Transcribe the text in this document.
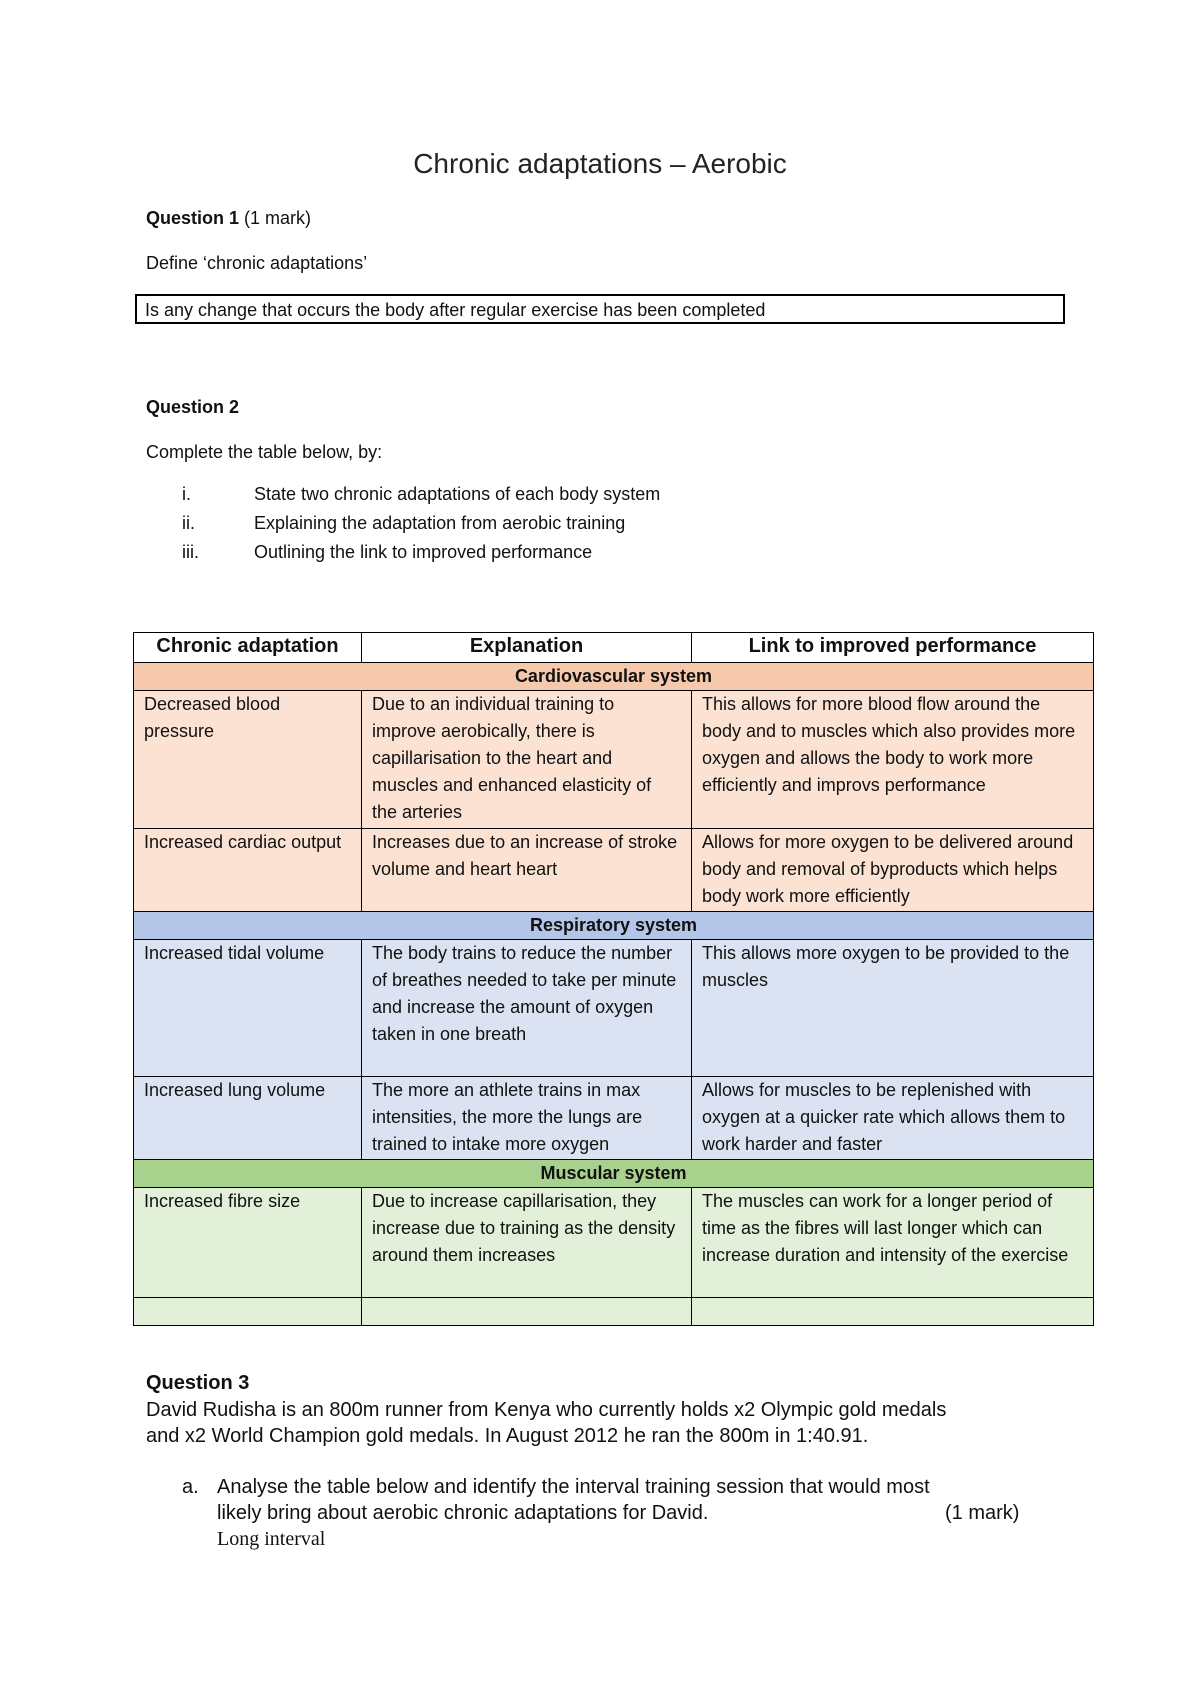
Chronic adaptations – Aerobic
Question 1 (1 mark)
Define ‘chronic adaptations’
Is any change that occurs the body after regular exercise has been completed
Question 2
Complete the table below, by:
i.	State two chronic adaptations of each body system
ii.	Explaining the adaptation from aerobic training
iii.	Outlining the link to improved performance
Chronic adaptation	Explanation	Link to improved performance
Cardiovascular system		
Decreased blood pressure	Due to an individual training to improve aerobically, there is capillarisation to the heart and muscles and enhanced elasticity of the arteries	This allows for more blood flow around the body and to muscles which also provides more oxygen and allows the body to work more efficiently and improvs performance
Increased cardiac output	Increases due to an increase of stroke volume and heart heart	Allows for more oxygen to be delivered around body and removal of byproducts which helps body work more efficiently
Respiratory system		
Increased tidal volume	The body trains to reduce the number of breathes needed to take per minute and increase the amount of oxygen taken in one breath	This allows more oxygen to be provided to the muscles
Increased lung volume	The more an athlete trains in max intensities, the more the lungs are trained to intake more oxygen	Allows for muscles to be replenished with oxygen at a quicker rate which allows them to work harder and faster
Muscular system		
Increased fibre size	Due to increase capillarisation, they increase due to training as the density around them increases	The muscles can work for a longer period of time as the fibres will last longer which can increase duration and intensity of the exercise

Question 3
David Rudisha is an 800m runner from Kenya who currently holds x2 Olympic gold medals
and x2 World Champion gold medals. In August 2012 he ran the 800m in 1:40.91.
a. Analyse the table below and identify the interval training session that would most
likely bring about aerobic chronic adaptations for David.	(1 mark)
Long interval
